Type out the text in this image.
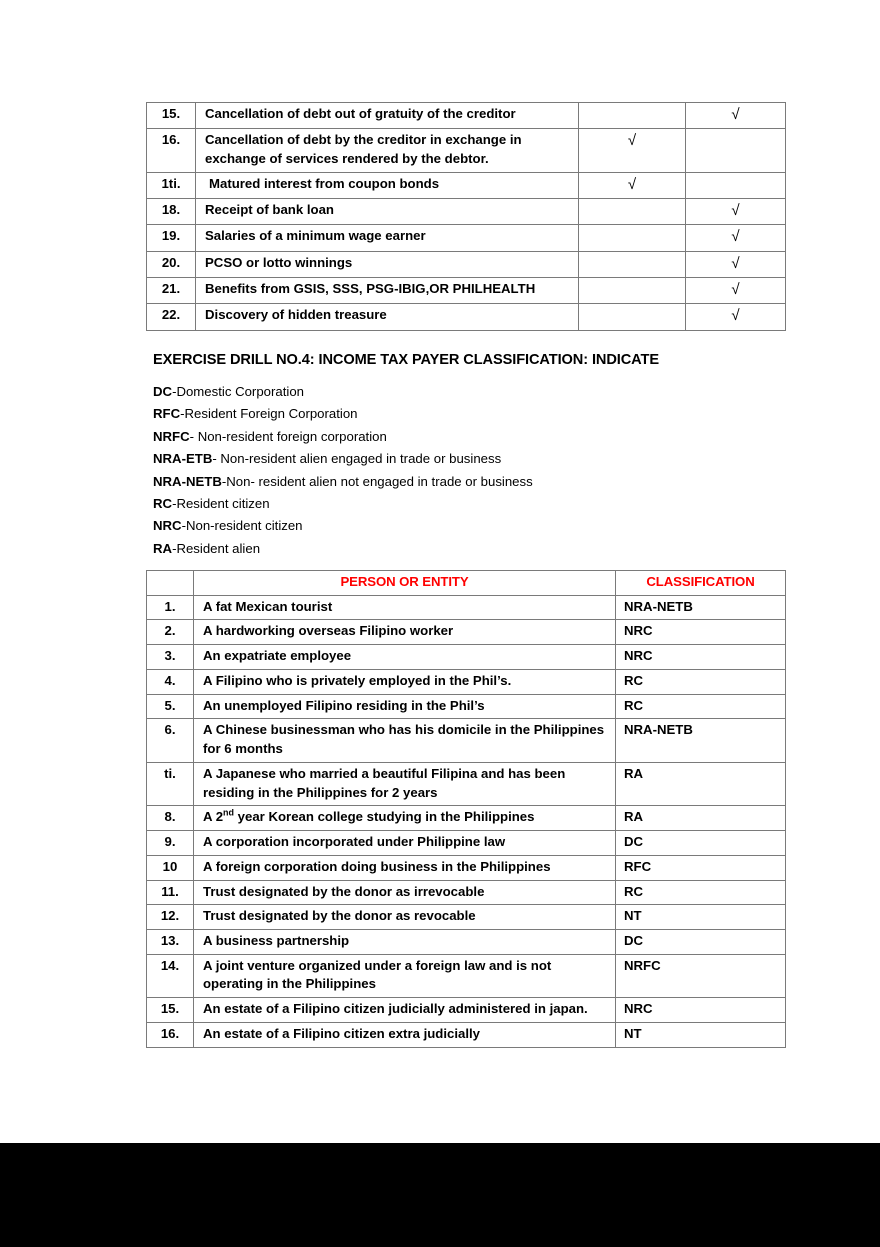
15.	Cancellation of debt out of gratuity of the creditor		√
16.	Cancellation of debt by the creditor in exchange in exchange of services rendered by the debtor.	√	
1ti.	Matured interest from coupon bonds	√	
18.	Receipt of bank loan		√
19.	Salaries of a minimum wage earner		√
20.	PCSO or lotto winnings		√
21.	Benefits from GSIS, SSS, PSG-IBIG,OR PHILHEALTH		√
22.	Discovery of hidden treasure		√
EXERCISE DRILL NO.4: INCOME TAX PAYER CLASSIFICATION: INDICATE
DC-Domestic Corporation
RFC-Resident Foreign Corporation
NRFC- Non-resident foreign corporation
NRA-ETB- Non-resident alien engaged in trade or business
NRA-NETB-Non- resident alien not engaged in trade or business
RC-Resident citizen
NRC-Non-resident citizen
RA-Resident alien
	PERSON OR ENTITY	CLASSIFICATION
1.	A fat Mexican tourist	NRA-NETB
2.	A hardworking overseas Filipino worker	NRC
3.	An expatriate employee	NRC
4.	A Filipino who is privately employed in the Phil’s.	RC
5.	An unemployed Filipino residing in the Phil’s	RC
6.	A Chinese businessman who has his domicile in the Philippines for 6 months	NRA-NETB
ti.	A Japanese who married a beautiful Filipina and has been residing in the Philippines for 2 years	RA
8.	A 2nd year Korean college studying in the Philippines	RA
9.	A corporation incorporated under Philippine law	DC
10	A foreign corporation doing business in the Philippines	RFC
11.	Trust designated by the donor as irrevocable	RC
12.	Trust designated by the donor as revocable	NT
13.	A business partnership	DC
14.	A joint venture organized under a foreign law and is not operating in the Philippines	NRFC
15.	An estate of a Filipino citizen judicially administered in japan.	NRC
16.	An estate of a Filipino citizen extra judicially	NT
